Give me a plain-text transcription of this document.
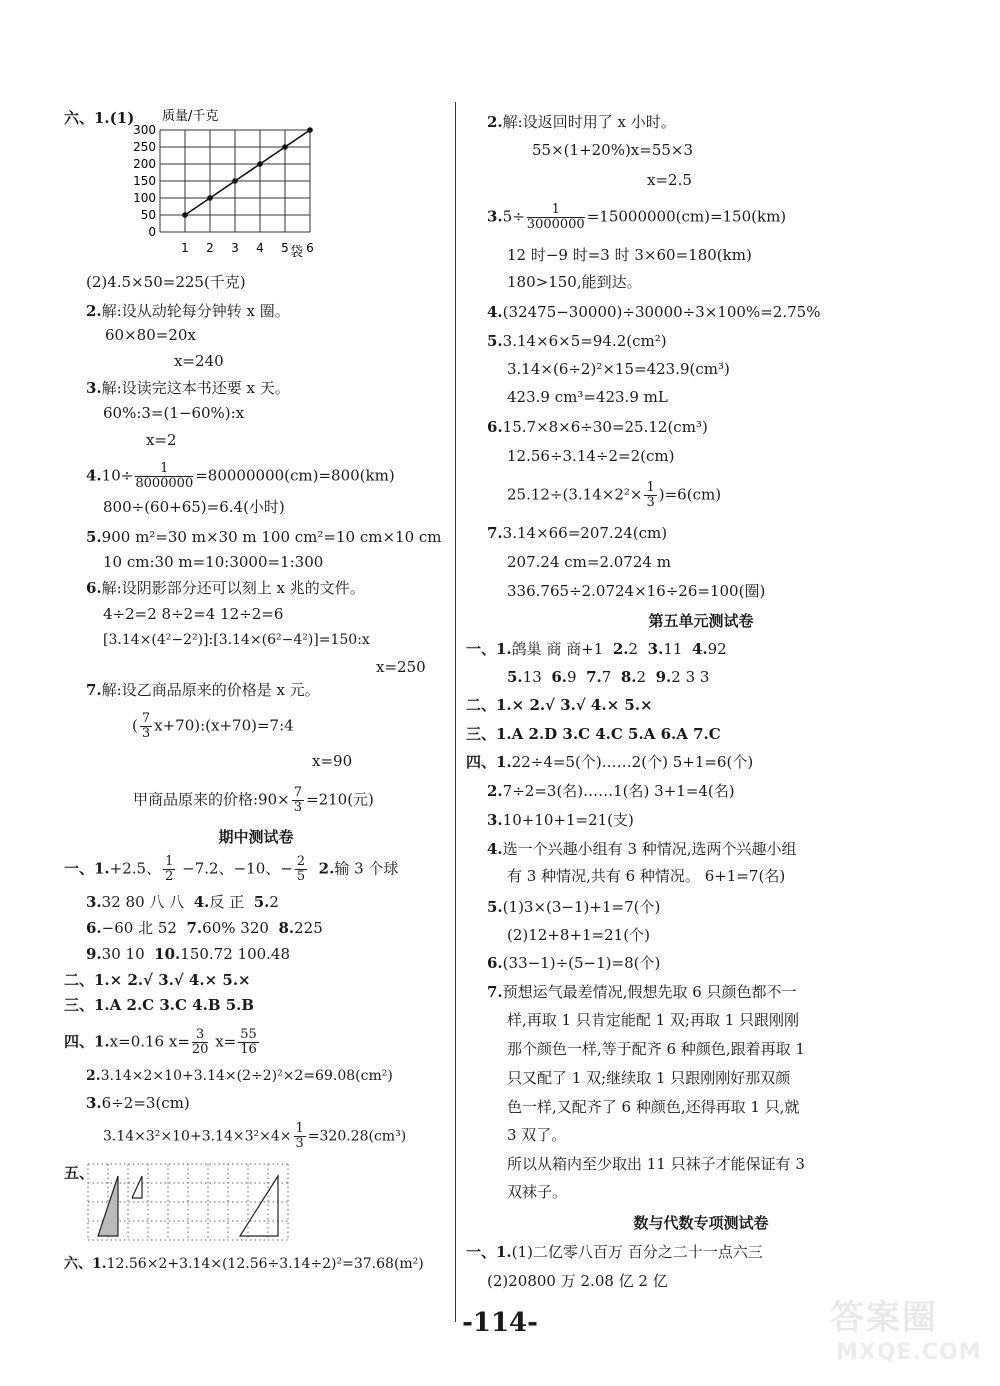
六、1.(1) 质量/千克
0
50
100
150
200
250
300
1 2 3 4 5 6
袋
(2)4.5×50=225(千克)
2.解:设从动轮每分钟转 x 圈。
60×80=20x
x=240
3.解:设读完这本书还要 x 天。
60%:3=(1−60%):x
x=2
$4.10\div \frac{1}{8000000} =80000000(cm)=800(km)$
800÷(60+65)=6.4(小时)
5.900 m²=30 m×30 m 100 cm²=10 cm×10 cm
10 cm:30 m=10:3000=1:300
6.解:设阴影部分还可以刻上 x 兆的文件。
4÷2=2 8÷2=4 12÷2=6
[3.14×(4²−2²)]:[3.14×(6²−4²)]=150:x
x=250
7.解:设乙商品原来的价格是 x 元。
( $\frac{7}{3}$ x+70):(x+70)=7:4
x=90
甲商品原来的价格:90× $\frac{7}{3} =210$(元)
期中测试卷
一、1.+2.5、 $\frac{1}{2} -7.2$、−10、− $\frac{2}{5} 2$.输 3 个球
3.32 80 八 八 4.反 正 5.2
6.−60 北 52 7.60% 320 8.225
9.30 10 10.150.72 100.48
二、1.× 2.√ 3.√ 4.× 5.×
三、1.A 2.C 3.C 4.B 5.B
四、1.x=0.16 $x= \frac{3}{20} x= \frac{55}{16}$
2.3.14×2×10+3.14×(2÷2)²×2=69.08(cm²)
3.6÷2=3(cm)
$3.14\times 3^2\times 10+3.14\times 3^2\times 4\times \frac{1}{3} =320.28(cm^3)$
五、
六、1.12.56×2+3.14×(12.56÷3.14÷2)²=37.68(m²)
2.解:设返回时用了 x 小时。
55×(1+20%)x=55×3
x=2.5
$3.5\div \frac{1}{3000000} =15000000(cm)=150(km)$
12 时−9 时=3 时 3×60=180(km)
180>150,能到达。
4.(32475−30000)÷30000÷3×100%=2.75%
5.3.14×6×5=94.2(cm²)
3.14×(6÷2)²×15=423.9(cm³)
423.9 cm³=423.9 mL
6.15.7×8×6÷30=25.12(cm³)
12.56÷3.14÷2=2(cm)
$25.12\div(3.14\times 2^2\times \frac{1}{3} )=6(cm)$
7.3.14×66=207.24(cm)
207.24 cm=2.0724 m
336.765÷2.0724×16÷26=100(圈)
第五单元测试卷
一、1.鸽巢 商 商+1 2.2 3.11 4.92
5.13 6.9 7.7 8.2 9.2 3 3
二、1.× 2.√ 3.√ 4.× 5.×
三、1.A 2.D 3.C 4.C 5.A 6.A 7.C
四、1.22÷4=5(个)……2(个) 5+1=6(个)
2.7÷2=3(名)……1(名) 3+1=4(名)
3.10+10+1=21(支)
4.选一个兴趣小组有 3 种情况,选两个兴趣小组
有 3 种情况,共有 6 种情况。 6+1=7(名)
5.(1)3×(3−1)+1=7(个)
(2)12+8+1=21(个)
6.(33−1)÷(5−1)=8(个)
7.预想运气最差情况,假想先取 6 只颜色都不一
样,再取 1 只肯定能配 1 双;再取 1 只跟刚刚
那个颜色一样,等于配齐 6 种颜色,跟着再取 1
只又配了 1 双;继续取 1 只跟刚刚好那双颜
色一样,又配齐了 6 种颜色,还得再取 1 只,就
3 双了。
所以从箱内至少取出 11 只袜子才能保证有 3
双袜子。
数与代数专项测试卷
一、1.(1)二亿零八百万 百分之二十一点六三
(2)20800 万 2.08 亿 2 亿
-114-	答案圈
MXQE.COM
